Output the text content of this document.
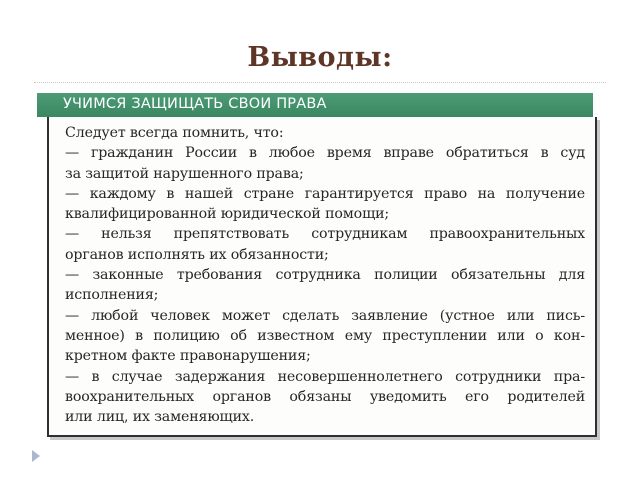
Выводы:
УЧИМСЯ ЗАЩИЩАТЬ СВОИ ПРАВА
Следует всегда помнить, что:
— гражданин России в любое время вправе обратиться в суд
за защитой нарушенного права;
— каждому в нашей стране гарантируется право на получение
квалифицированной юридической помощи;
— нельзя препятствовать сотрудникам правоохранительных
органов исполнять их обязанности;
— законные требования сотрудника полиции обязательны для
исполнения;
— любой человек может сделать заявление (устное или пись-
менное) в полицию об известном ему преступлении или о кон-
кретном факте правонарушения;
— в случае задержания несовершеннолетнего сотрудники пра-
воохранительных органов обязаны уведомить его родителей
или лиц, их заменяющих.
